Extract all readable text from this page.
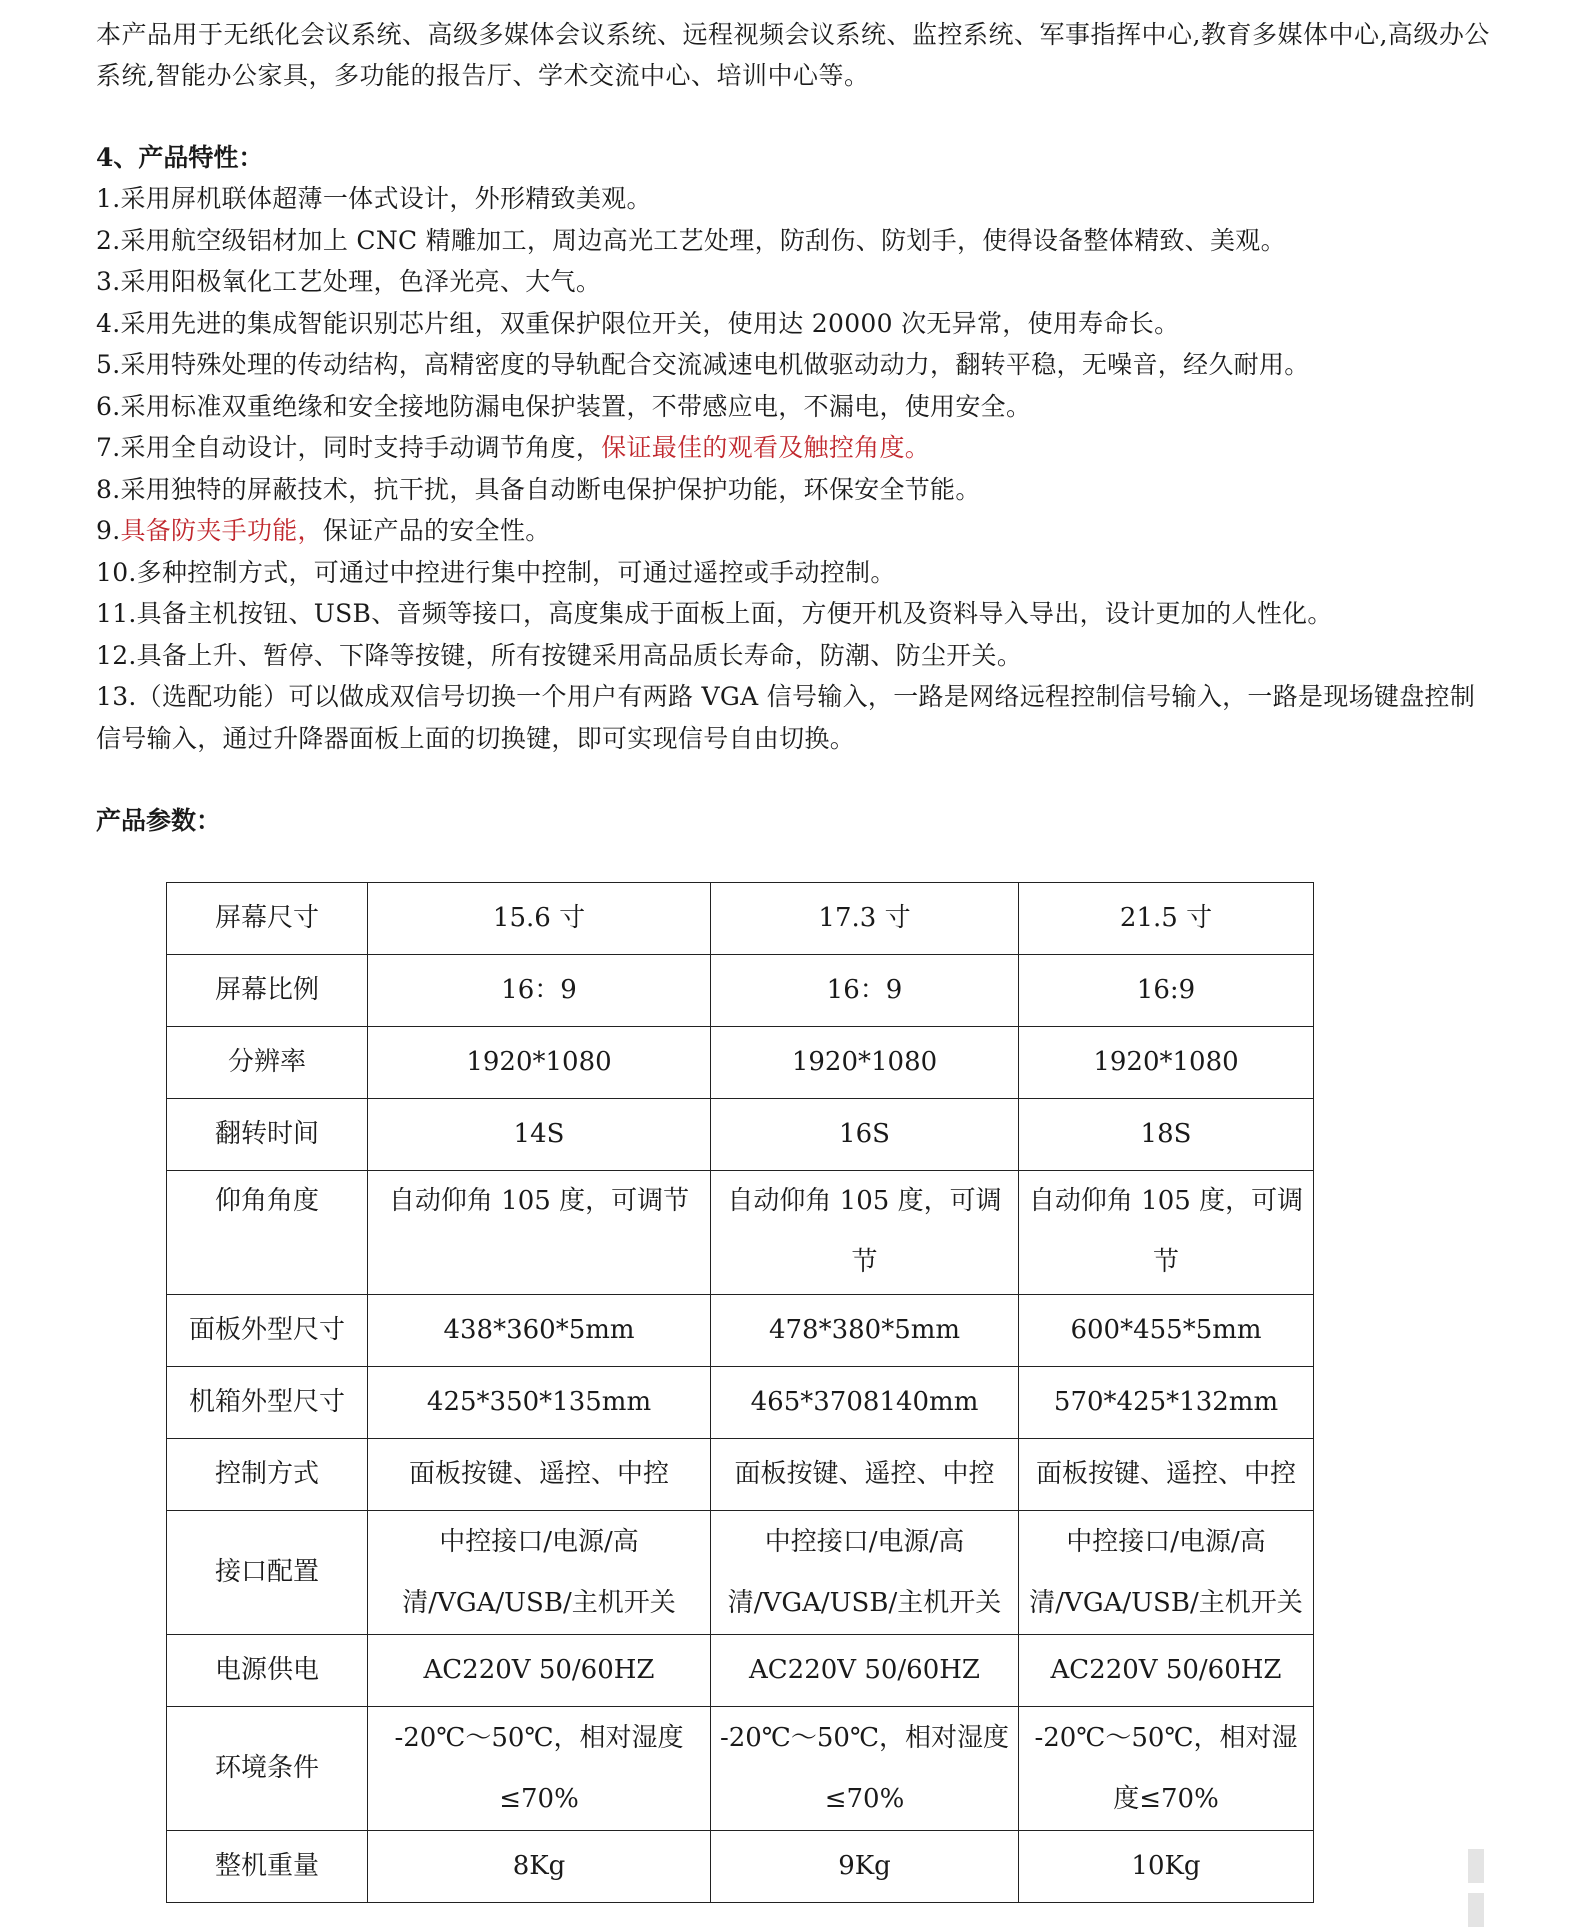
本产品用于无纸化会议系统、高级多媒体会议系统、远程视频会议系统、监控系统、军事指挥中心,教育多媒体中心,高级办公系统,智能办公家具，多功能的报告厅、学术交流中心、培训中心等。

4、产品特性：

1.采用屏机联体超薄一体式设计，外形精致美观。
2.采用航空级铝材加上 CNC 精雕加工，周边高光工艺处理，防刮伤、防划手，使得设备整体精致、美观。
3.采用阳极氧化工艺处理，色泽光亮、大气。
4.采用先进的集成智能识别芯片组，双重保护限位开关，使用达 20000 次无异常，使用寿命长。
5.采用特殊处理的传动结构，高精密度的导轨配合交流减速电机做驱动动力，翻转平稳，无噪音，经久耐用。
6.采用标准双重绝缘和安全接地防漏电保护装置，不带感应电，不漏电，使用安全。
7.采用全自动设计，同时支持手动调节角度，保证最佳的观看及触控角度。
8.采用独特的屏蔽技术，抗干扰，具备自动断电保护保护功能，环保安全节能。
9.具备防夹手功能，保证产品的安全性。
10.多种控制方式，可通过中控进行集中控制，可通过遥控或手动控制。
11.具备主机按钮、USB、音频等接口，高度集成于面板上面，方便开机及资料导入导出，设计更加的人性化。
12.具备上升、暂停、下降等按键，所有按键采用高品质长寿命，防潮、防尘开关。
13.（选配功能）可以做成双信号切换一个用户有两路 VGA 信号输入，一路是网络远程控制信号输入，一路是现场键盘控制信号输入，通过升降器面板上面的切换键，即可实现信号自由切换。

产品参数：

屏幕尺寸	15.6 寸	17.3 寸	21.5 寸
屏幕比例	16：9	16：9	16:9
分辨率	1920*1080	1920*1080	1920*1080
翻转时间	14S	16S	18S
仰角角度	自动仰角 105 度，可调节	自动仰角 105 度，可调节	自动仰角 105 度，可调节
面板外型尺寸	438*360*5mm	478*380*5mm	600*455*5mm
机箱外型尺寸	425*350*135mm	465*3708140mm	570*425*132mm
控制方式	面板按键、遥控、中控	面板按键、遥控、中控	面板按键、遥控、中控
接口配置	中控接口/电源/高清/VGA/USB/主机开关	中控接口/电源/高清/VGA/USB/主机开关	中控接口/电源/高清/VGA/USB/主机开关
电源供电	AC220V 50/60HZ	AC220V 50/60HZ	AC220V 50/60HZ
环境条件	-20℃～50℃，相对湿度≤70%	-20℃～50℃，相对湿度≤70%	-20℃～50℃，相对湿度≤70%
整机重量	8Kg	9Kg	10Kg
